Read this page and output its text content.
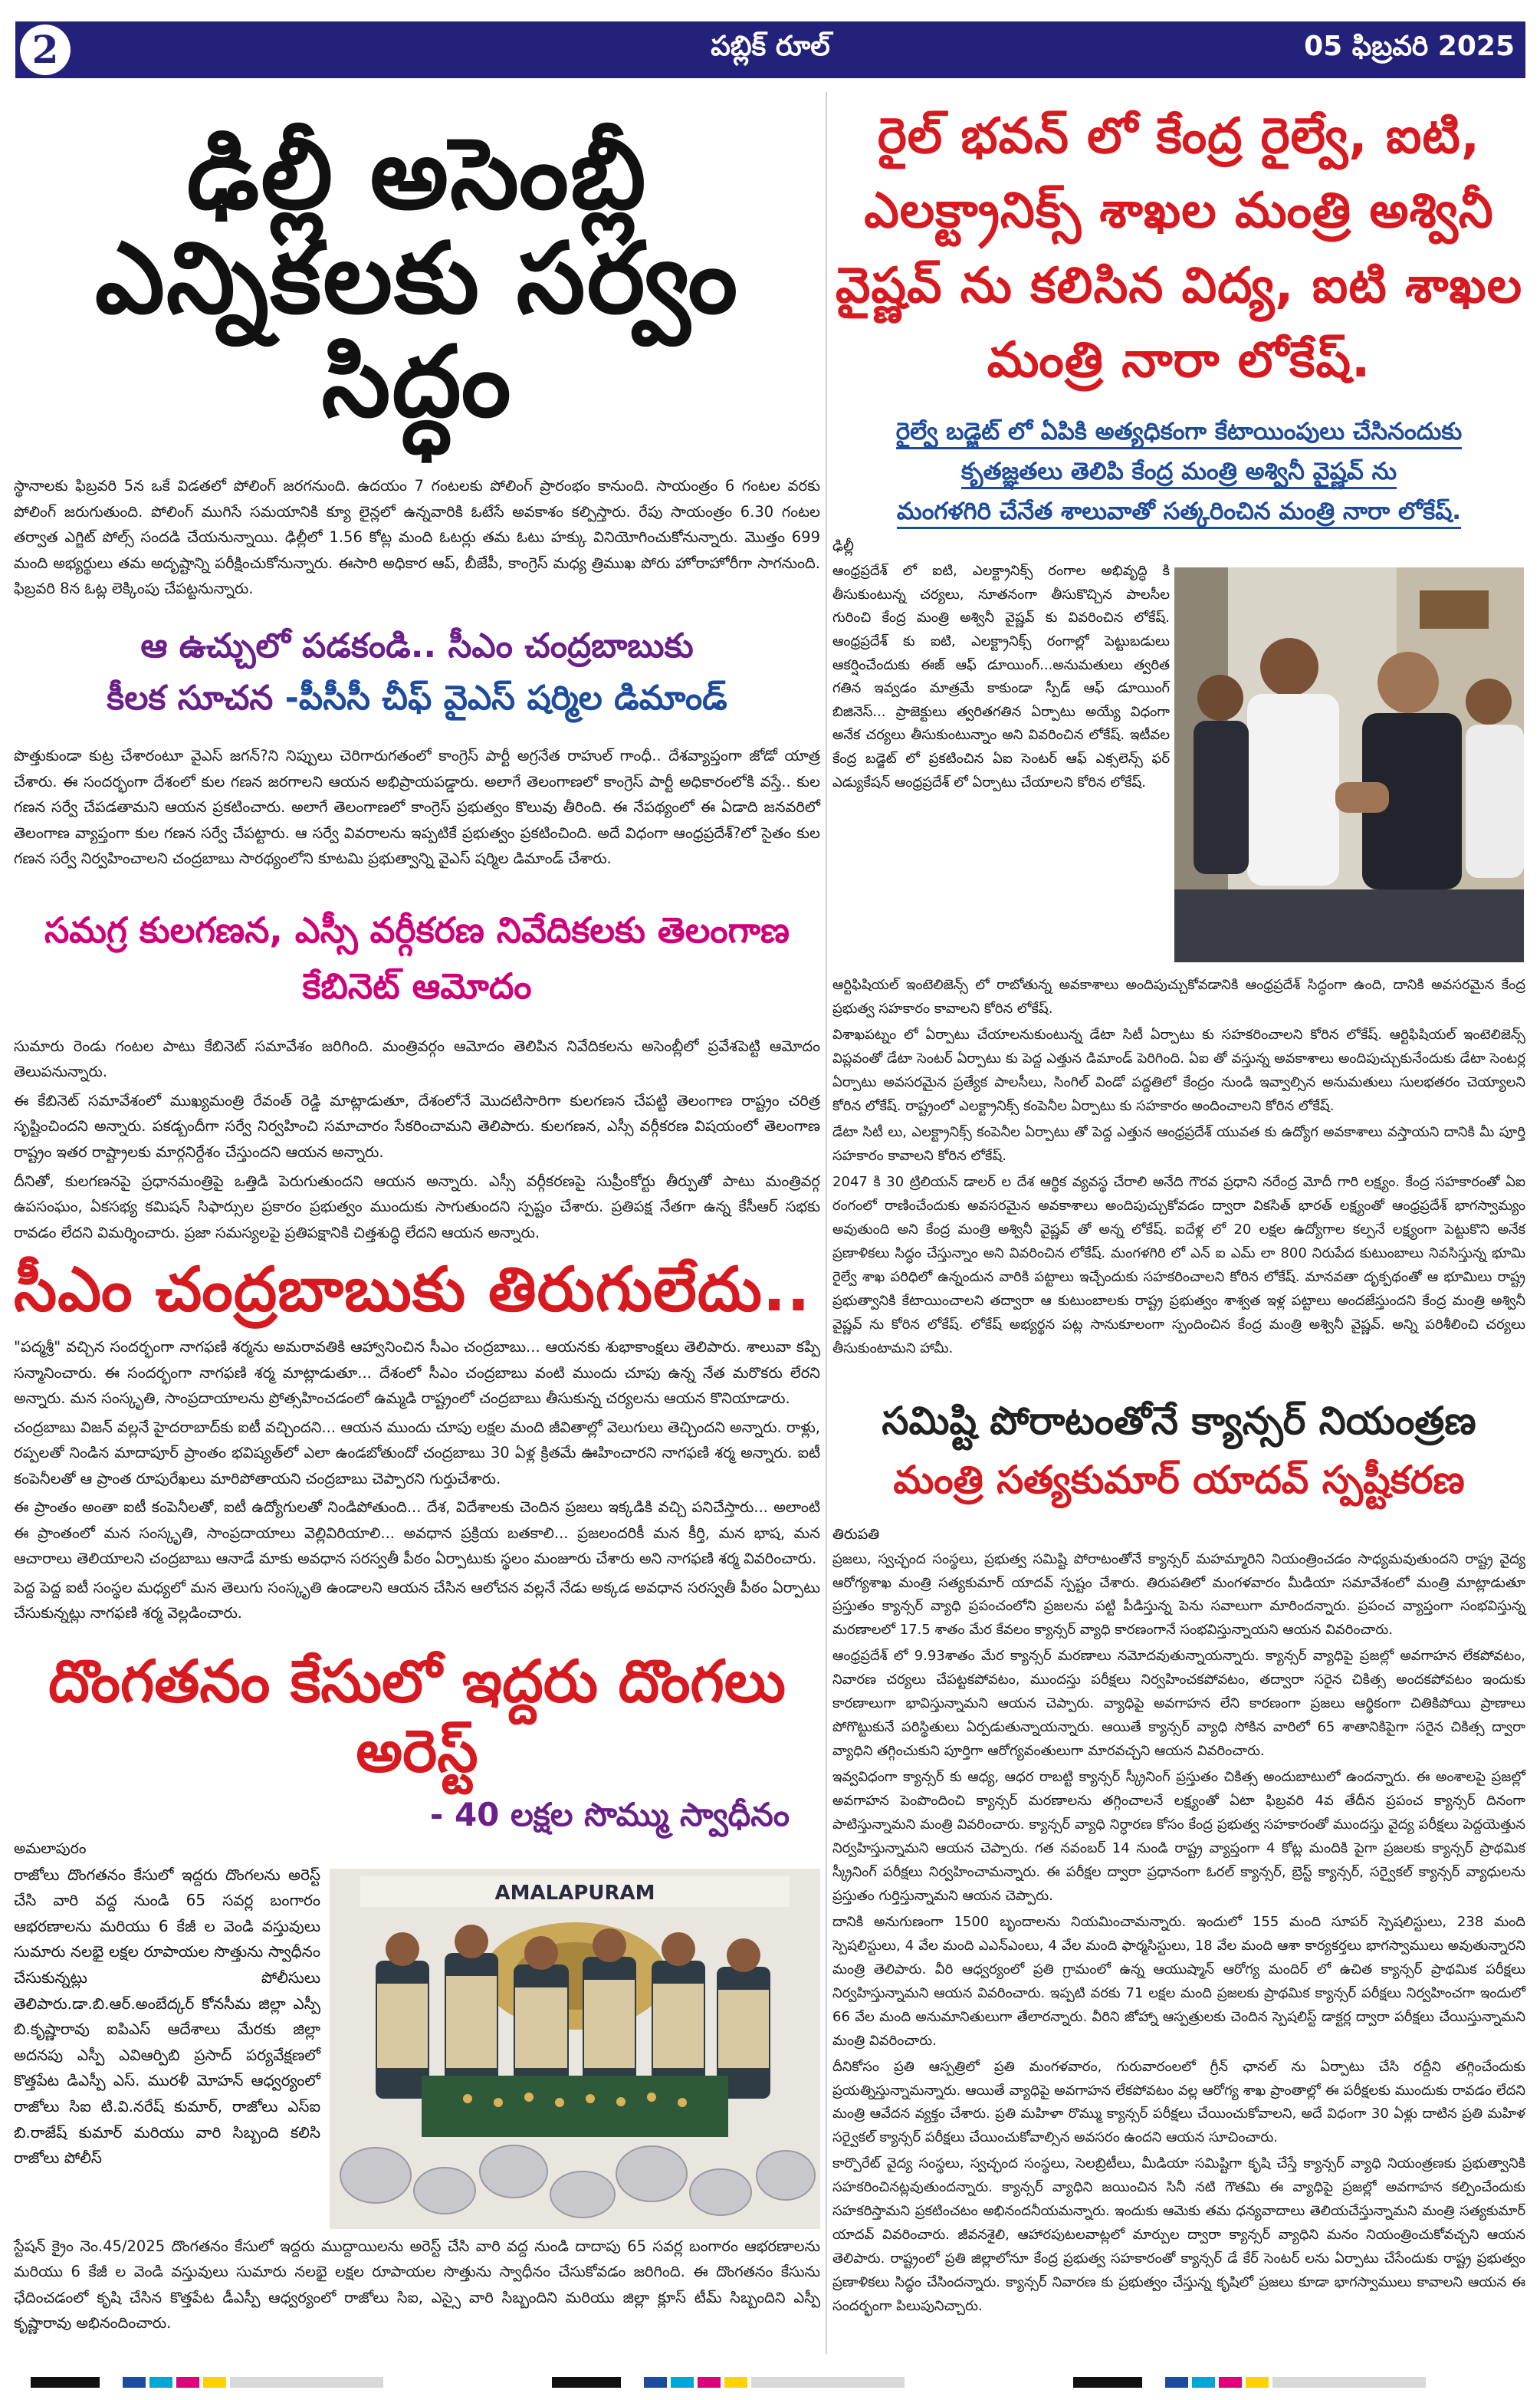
2	పబ్లిక్ రూల్	05 ఫిబ్రవరి 2025
ఢిల్లీ అసెంబ్లీ
ఎన్నికలకు సర్వం సిద్ధం

స్థానాలకు ఫిబ్రవరి 5న ఒకే విడతలో పోలింగ్ జరగనుంది. ఉదయం 7 గంటలకు పోలింగ్ ప్రారంభం కానుంది. సాయంత్రం 6 గంటల వరకు పోలింగ్ జరుగుతుంది. పోలింగ్ ముగిసే సమయానికి క్యూ లైన్లలో ఉన్నవారికి ఓటేసే అవకాశం కల్పిస్తారు. రేపు సాయంత్రం 6.30 గంటల తర్వాత ఎగ్జిట్ పోల్స్ సందడి చేయనున్నాయి. ఢిల్లీలో 1.56 కోట్ల మంది ఓటర్లు తమ ఓటు హక్కు వినియోగించుకోనున్నారు. మొత్తం 699 మంది అభ్యర్థులు తమ అదృష్టాన్ని పరీక్షించుకోనున్నారు. ఈసారి అధికార ఆప్, బీజేపీ, కాంగ్రెస్ మధ్య త్రిముఖ పోరు హోరాహోరీగా సాగనుంది. ఫిబ్రవరి 8న ఓట్ల లెక్కింపు చేపట్టనున్నారు.

ఆ ఉచ్చులో పడకండి.. సీఎం చంద్రబాబుకు
కీలక సూచన -పీసీసీ చీఫ్ వైఎస్ షర్మిల డిమాండ్

పొత్తుకుండా కుట్ర చేశారంటూ వైఎస్ జగన్?ని నిప్పులు చెరిగారుగతంలో కాంగ్రెస్ పార్టీ అగ్రనేత రాహుల్ గాంధీ.. దేశవ్యాప్తంగా జోడో యాత్ర చేశారు. ఈ సందర్భంగా దేశంలో కుల గణన జరగాలని ఆయన అభిప్రాయపడ్డారు. అలాగే తెలంగాణలో కాంగ్రెస్ పార్టీ అధికారంలోకి వస్తే.. కుల గణన సర్వే చేపడతామని ఆయన ప్రకటించారు. అలాగే తెలంగాణలో కాంగ్రెస్ ప్రభుత్వం కొలువు తీరింది. ఈ నేపథ్యంలో ఈ ఏడాది జనవరిలో తెలంగాణ వ్యాప్తంగా కుల గణన సర్వే చేపట్టారు. ఆ సర్వే వివరాలను ఇప్పటికే ప్రభుత్వం ప్రకటించింది. అదే విధంగా ఆంధ్రప్రదేశ్?లో సైతం కుల గణన సర్వే నిర్వహించాలని చంద్రబాబు సారథ్యంలోని కూటమి ప్రభుత్వాన్ని వైఎస్ షర్మిల డిమాండ్ చేశారు.

సమగ్ర కులగణన, ఎస్సీ వర్గీకరణ నివేదికలకు తెలంగాణ
కేబినెట్ ఆమోదం

సుమారు రెండు గంటల పాటు కేబినెట్ సమావేశం జరిగింది. మంత్రివర్గం ఆమోదం తెలిపిన నివేదికలను అసెంబ్లీలో ప్రవేశపెట్టి ఆమోదం తెలుపనున్నారు.

ఈ కేబినెట్ సమావేశంలో ముఖ్యమంత్రి రేవంత్ రెడ్డి మాట్లాడుతూ, దేశంలోనే మొదటిసారిగా కులగణన చేపట్టి తెలంగాణ రాష్ట్రం చరిత్ర సృష్టించిందని అన్నారు. పకడ్బందీగా సర్వే నిర్వహించి సమాచారం సేకరించామని తెలిపారు. కులగణన, ఎస్సీ వర్గీకరణ విషయంలో తెలంగాణ రాష్ట్రం ఇతర రాష్ట్రాలకు మార్గనిర్దేశం చేస్తుందని ఆయన అన్నారు.

దీనితో, కులగణనపై ప్రధానమంత్రిపై ఒత్తిడి పెరుగుతుందని ఆయన అన్నారు. ఎస్సీ వర్గీకరణపై సుప్రీంకోర్టు తీర్పుతో పాటు మంత్రివర్గ ఉపసంఘం, ఏకసభ్య కమిషన్ సిఫార్సుల ప్రకారం ప్రభుత్వం ముందుకు సాగుతుందని స్పష్టం చేశారు. ప్రతిపక్ష నేతగా ఉన్న కేసీఆర్ సభకు రావడం లేదని విమర్శించారు. ప్రజా సమస్యలపై ప్రతిపక్షానికి చిత్తశుద్ధి లేదని ఆయన అన్నారు.

సీఎం చంద్రబాబుకు తిరుగులేదు..

"పద్మశ్రీ" వచ్చిన సందర్భంగా నాగఫణి శర్మను అమరావతికి ఆహ్వానించిన సీఎం చంద్రబాబు... ఆయనకు శుభాకాంక్షలు తెలిపారు. శాలువా కప్పి సన్మానించారు. ఈ సందర్భంగా నాగఫణి శర్మ మాట్లాడుతూ... దేశంలో సీఎం చంద్రబాబు వంటి ముందు చూపు ఉన్న నేత మరొకరు లేరని అన్నారు. మన సంస్కృతి, సాంప్రదాయాలను ప్రోత్సహించడంలో ఉమ్మడి రాష్ట్రంలో చంద్రబాబు తీసుకున్న చర్యలను ఆయన కొనియాడారు.

చంద్రబాబు విజన్ వల్లనే హైదరాబాద్‌కు ఐటీ వచ్చిందని... ఆయన ముందు చూపు లక్షల మంది జీవితాల్లో వెలుగులు తెచ్చిందని అన్నారు. రాళ్లు, రప్పలతో నిండిన మాదాపూర్ ప్రాంతం భవిష్యత్‌లో ఎలా ఉండబోతుందో చంద్రబాబు 30 ఏళ్ల క్రితమే ఊహించారని నాగఫణి శర్మ అన్నారు. ఐటీ కంపెనీలతో ఆ ప్రాంత రూపురేఖలు మారిపోతాయని చంద్రబాబు చెప్పారని గుర్తుచేశారు.

ఈ ప్రాంతం అంతా ఐటీ కంపెనీలతో, ఐటీ ఉద్యోగులతో నిండిపోతుంది... దేశ, విదేశాలకు చెందిన ప్రజలు ఇక్కడికి వచ్చి పనిచేస్తారు... అలాంటి ఈ ప్రాంతంలో మన సంస్కృతి, సాంప్రదాయాలు వెల్లివిరియాలి... అవధాన ప్రక్రియ బతకాలి... ప్రజలందరికీ మన కీర్తి, మన భాష, మన ఆచారాలు తెలియాలని చంద్రబాబు ఆనాడే మాకు అవధాన సరస్వతీ పీఠం ఏర్పాటుకు స్థలం మంజూరు చేశారు అని నాగఫణి శర్మ వివరించారు.

పెద్ద పెద్ద ఐటీ సంస్థల మధ్యలో మన తెలుగు సంస్కృతి ఉండాలని ఆయన చేసిన ఆలోచన వల్లనే నేడు అక్కడ అవధాన సరస్వతీ పీఠం ఏర్పాటు చేసుకున్నట్లు నాగఫణి శర్మ వెల్లడించారు.

దొంగతనం కేసులో ఇద్దరు దొంగలు అరెస్ట్
- 40 లక్షల సొమ్ము స్వాధీనం
అమలాపురం
రాజోలు దొంగతనం కేసులో ఇద్దరు దొంగలను అరెస్ట్ చేసి వారి వద్ద నుండి 65 సవర్ల బంగారం ఆభరణాలను మరియు 6 కేజీ ల వెండి వస్తువులు సుమారు నలభై లక్షల రూపాయల సొత్తును స్వాధీనం చేసుకున్నట్లు పోలీసులు తెలిపారు.డా.బి.ఆర్.అంబేద్కర్ కోనసీమ జిల్లా ఎస్పీ బి.కృష్ణారావు ఐపిఎస్ ఆదేశాలు మేరకు జిల్లా అదనపు ఎస్పీ ఎవిఆర్పిబి ప్రసాద్ పర్యవేక్షణలో కొత్తపేట డిఎస్పీ ఎస్. మురళీ మోహన్ ఆధ్వర్యంలో రాజోలు సిఐ టి.వి.నరేష్ కుమార్, రాజోలు ఎస్ఐ బి.రాజేష్ కుమార్ మరియు వారి సిబ్బంది కలిసి రాజోలు పోలీస్
AMALAPURAM

స్టేషన్ క్రైం నెం.45/2025 దొంగతనం కేసులో ఇద్దరు ముద్దాయిలను అరెస్ట్ చేసి వారి వద్ద నుండి దాదాపు 65 సవర్ల బంగారం ఆభరణాలను మరియు 6 కేజీ ల వెండి వస్తువులు సుమారు నలభై లక్షల రూపాయల సొత్తును స్వాధీనం చేసుకోవడం జరిగింది. ఈ దొంగతనం కేసును ఛేదించడంలో కృషి చేసిన కొత్తపేట డీఎస్పీ ఆధ్వర్యంలో రాజోలు సిఐ, ఎస్సై వారి సిబ్బందిని మరియు జిల్లా క్లూస్ టీమ్ సిబ్బందిని ఎస్పీ కృష్ణారావు అభినందించారు.

రైల్ భవన్ లో కేంద్ర రైల్వే, ఐటి,
ఎలక్ట్రానిక్స్ శాఖల మంత్రి అశ్వినీ
వైష్ణవ్ ను కలిసిన విద్య, ఐటి శాఖల
మంత్రి నారా లోకేష్.
రైల్వే బడ్జెట్ లో ఏపికి అత్యధికంగా కేటాయింపులు చేసినందుకు
కృతజ్ఞతలు తెలిపి కేంద్ర మంత్రి అశ్వినీ వైష్ణవ్ ను
మంగళగిరి చేనేత శాలువాతో సత్కరించిన మంత్రి నారా లోకేష్.
ఢిల్లీ
ఆంధ్రప్రదేశ్ లో ఐటి, ఎలక్ట్రానిక్స్ రంగాల అభివృద్ధి కి తీసుకుంటున్న చర్యలు, నూతనంగా తీసుకొచ్చిన పాలసీల గురించి కేంద్ర మంత్రి అశ్వినీ వైష్ణవ్ కు వివరించిన లోకేష్. ఆంధ్రప్రదేశ్ కు ఐటి, ఎలక్ట్రానిక్స్ రంగాల్లో పెట్టుబడులు ఆకర్షించేందుకు ఈజ్ ఆఫ్ డూయింగ్...అనుమతులు త్వరిత గతిన ఇవ్వడం మాత్రమే కాకుండా స్పీడ్ ఆఫ్ డూయింగ్ బిజినెస్... ప్రాజెక్టులు త్వరితగతిన ఏర్పాటు అయ్యే విధంగా అనేక చర్యలు తీసుకుంటున్నాం అని వివరించిన లోకేష్. ఇటీవల కేంద్ర బడ్జెట్ లో ప్రకటించిన ఏఐ సెంటర్ ఆఫ్ ఎక్సలెన్స్ ఫర్ ఎడ్యుకేషన్ ఆంధ్రప్రదేశ్ లో ఏర్పాటు చేయాలని కోరిన లోకేష్.

ఆర్టిఫిషియల్ ఇంటెలిజెన్స్ లో రాబోతున్న అవకాశాలు అందిపుచ్చుకోవడానికి ఆంధ్రప్రదేశ్ సిద్ధంగా ఉంది, దానికి అవసరమైన కేంద్ర ప్రభుత్వ సహకారం కావాలని కోరిన లోకేష్.

విశాఖపట్నం లో ఏర్పాటు చేయాలనుకుంటున్న డేటా సిటీ ఏర్పాటు కు సహకరించాలని కోరిన లోకేష్. ఆర్టిఫిషియల్ ఇంటెలిజెన్స్ విప్లవంతో డేటా సెంటర్ ఏర్పాటు కు పెద్ద ఎత్తున డిమాండ్ పెరిగింది. ఏఐ తో వస్తున్న అవకాశాలు అందిపుచ్చుకునేందుకు డేటా సెంటర్ల ఏర్పాటు అవసరమైన ప్రత్యేక పాలసీలు, సింగిల్ విండో పద్దతిలో కేంద్రం నుండి ఇవ్వాల్సిన అనుమతులు సులభతరం చెయ్యాలని కోరిన లోకేష్. రాష్ట్రంలో ఎలక్ట్రానిక్స్ కంపెనీల ఏర్పాటు కు సహకారం అందించాలని కోరిన లోకేష్.

డేటా సిటీ లు, ఎలక్ట్రానిక్స్ కంపెనీల ఏర్పాటు తో పెద్ద ఎత్తున ఆంధ్రప్రదేశ్ యువత కు ఉద్యోగ అవకాశాలు వస్తాయని దానికి మీ పూర్తి సహకారం కావాలని కోరిన లోకేష్.

2047 కి 30 ట్రిలియన్ డాలర్ ల దేశ ఆర్థిక వ్యవస్థ చేరాలి అనేది గౌరవ ప్రధాని నరేంద్ర మోదీ గారి లక్ష్యం. కేంద్ర సహకారంతో ఏఐ రంగంలో రాణించేందుకు అవసరమైన అవకాశాలు అందిపుచ్చుకోవడం ద్వారా వికసిత్ భారత్ లక్ష్యంతో ఆంధ్రప్రదేశ్ భాగస్వామ్యం అవుతుంది అని కేంద్ర మంత్రి అశ్వినీ వైష్ణవ్ తో అన్న లోకేష్. ఐదేళ్ల లో 20 లక్షల ఉద్యోగాల కల్పనే లక్ష్యంగా పెట్టుకొని అనేక ప్రణాళికలు సిద్ధం చేస్తున్నాం అని వివరించిన లోకేష్. మంగళగిరి లో ఎన్ ఐ ఎమ్ లా 800 నిరుపేద కుటుంబాలు నివసిస్తున్న భూమి రైల్వే శాఖ పరిధిలో ఉన్నందున వారికి పట్టాలు ఇచ్చేందుకు సహకరించాలని కోరిన లోకేష్. మానవతా దృక్పథంతో ఆ భూమిలు రాష్ట్ర ప్రభుత్వానికి కేటాయించాలని తద్వారా ఆ కుటుంబాలకు రాష్ట్ర ప్రభుత్వం శాశ్వత ఇళ్ల పట్టాలు అందజేస్తుందని కేంద్ర మంత్రి అశ్వినీ వైష్ణవ్ ను కోరిన లోకేష్. లోకేష్ అభ్యర్థన పట్ల సానుకూలంగా స్పందించిన కేంద్ర మంత్రి అశ్వినీ వైష్ణవ్. అన్ని పరిశీలించి చర్యలు తీసుకుంటామని హామీ.

సమిష్టి పోరాటంతోనే క్యాన్సర్ నియంత్రణ
మంత్రి సత్యకుమార్ యాదవ్ స్పష్టీకరణ
తిరుపతి

ప్రజలు, స్వచ్ఛంద సంస్థలు, ప్రభుత్వ సమిష్టి పోరాటంతోనే క్యాన్సర్ మహమ్మారిని నియంత్రించడం సాధ్యమవుతుందని రాష్ట్ర వైద్య ఆరోగ్యశాఖ మంత్రి సత్యకుమార్ యాదవ్ స్పష్టం చేశారు. తిరుపతిలో మంగళవారం మీడియా సమావేశంలో మంత్రి మాట్లాడుతూ ప్రస్తుతం క్యాన్సర్ వ్యాధి ప్రపంచంలోని ప్రజలను పట్టి పీడిస్తున్న పెను సవాలుగా మారిందన్నారు. ప్రపంచ వ్యాప్తంగా సంభవిస్తున్న మరణాలలో 17.5 శాతం మేర కేవలం క్యాన్సర్ వ్యాధి కారణంగానే సంభవిస్తున్నాయని ఆయన వివరించారు.

ఆంధ్రప్రదేశ్ లో 9.93శాతం మేర క్యాన్సర్ మరణాలు నమోదవుతున్నాయన్నారు. క్యాన్సర్ వ్యాధిపై ప్రజల్లో అవగాహన లేకపోవటం, నివారణ చర్యలు చేపట్టకపోవటం, ముందస్తు పరీక్షలు నిర్వహించకపోవటం, తద్వారా సరైన చికిత్స అందకపోవటం ఇందుకు కారణాలుగా భావిస్తున్నామని ఆయన చెప్పారు. వ్యాధిపై అవగాహన లేని కారణంగా ప్రజలు ఆర్థికంగా చితికిపోయి ప్రాణాలు పోగొట్టుకునే పరిస్థితులు ఏర్పడుతున్నాయన్నారు. ఆయితే క్యాన్సర్ వ్యాధి సోకిన వారిలో 65 శాతానికిపైగా సరైన చికిత్స ద్వారా వ్యాధిని తగ్గించుకుని పూర్తిగా ఆరోగ్యవంతులుగా మారవచ్చని ఆయన వివరించారు.

ఇవ్వవిధంగా క్యాన్సర్ కు ఆధ్య, ఆధర రాబట్టి క్యాన్సర్ స్క్రీనింగ్ ప్రస్తుతం చికిత్స అందుబాటులో ఉందన్నారు. ఈ అంశాలపై ప్రజల్లో అవగాహన పెంపొందించి క్యాన్సర్ మరణాలను తగ్గించాలనే లక్ష్యంతో ఏటా ఫిబ్రవరి 4వ తేదీన ప్రపంచ క్యాన్సర్ దినంగా పాటిస్తున్నామని మంత్రి వివరించారు. క్యాన్సర్ వ్యాధి నిర్ధారణ కోసం కేంద్ర ప్రభుత్వ సహకారంతో ముందస్తు వైద్య పరీక్షలు పెద్దయెత్తున నిర్వహిస్తున్నామని ఆయన చెప్పారు. గత నవంబర్ 14 నుండి రాష్ట్ర వ్యాప్తంగా 4 కోట్ల మందికి పైగా ప్రజలకు క్యాన్సర్ ప్రాథమిక స్క్రీనింగ్ పరీక్షలు నిర్వహించామన్నారు. ఈ పరీక్షల ద్వారా ప్రధానంగా ఓరల్ క్యాన్సర్, బ్రెస్ట్ క్యాన్సర్, సర్వైకల్ క్యాన్సర్ వ్యాధులను ప్రస్తుతం గుర్తిస్తున్నామని ఆయన చెప్పారు.

దానికి అనుగుణంగా 1500 బృందాలను నియమించామన్నారు. ఇందులో 155 మంది సూపర్ స్పెషలిస్టులు, 238 మంది స్పెషలిస్టులు, 4 వేల మంది ఎఎన్ఎంలు, 4 వేల మంది ఫార్మసిస్టులు, 18 వేల మంది ఆశా కార్యకర్తలు భాగస్వాములు అవుతున్నారని మంత్రి తెలిపారు. వీరి ఆధ్వర్యంలో ప్రతి గ్రామంలో ఉన్న ఆయుష్మాన్ ఆరోగ్య మందిర్ లో ఉచిత క్యాన్సర్ ప్రాథమిక పరీక్షలు నిర్వహిస్తున్నామని ఆయన వివరించారు. ఇప్పటి వరకు 71 లక్షల మంది ప్రజలకు ప్రాథమిక క్యాన్సర్ పరీక్షలు నిర్వహించగా ఇందులో 66 వేల మంది అనుమానితులుగా తేలారన్నారు. వీరిని జోహ్నా ఆస్పత్రులకు చెందిన స్పెషలిస్ట్ డాక్టర్ల ద్వారా పరీక్షలు చేయిస్తున్నామని మంత్రి వివరించారు.

దీనికోసం ప్రతి ఆస్పత్రిలో ప్రతి మంగళవారం, గురువారంలలో గ్రీన్ ఛానల్ ను ఏర్పాటు చేసి రద్దీని తగ్గించేందుకు ప్రయత్నిస్తున్నామన్నారు. ఆయితే వ్యాధిపై అవగాహన లేకపోవటం వల్ల ఆరోగ్య శాఖ ప్రాంతాల్లో ఈ పరీక్షలకు ముందుకు రావడం లేదని మంత్రి ఆవేదన వ్యక్తం చేశారు. ప్రతి మహిళా రొమ్ము క్యాన్సర్ పరీక్షలు చేయించుకోవాలని, అదే విధంగా 30 ఏళ్లు దాటిన ప్రతి మహిళ సర్వైకల్ క్యాన్సర్ పరీక్షలు చేయించుకోవాల్సిన అవసరం ఉందని ఆయన సూచించారు.

కార్పొరేట్ వైద్య సంస్థలు, స్వచ్ఛంద సంస్థలు, సెలబ్రిటీలు, మీడియా సమిష్టిగా కృషి చేస్తే క్యాన్సర్ వ్యాధి నియంత్రణకు ప్రభుత్వానికి సహకరించినట్లవుతుందన్నారు. క్యాన్సర్ వ్యాధిని జయించిన సినీ నటి గౌతమి ఈ వ్యాధిపై ప్రజల్లో అవగాహన కల్పించేందుకు సహకరిస్తామని ప్రకటించటం అభినందనీయమన్నారు. ఇందుకు ఆమెకు తమ ధన్యవాదాలు తెలియచేస్తున్నామని మంత్రి సత్యకుమార్ యాదవ్ వివరించారు. జీవనశైలి, ఆహారపుటలవాట్లలో మార్పుల ద్వారా క్యాన్సర్ వ్యాధిని మనం నియంత్రించుకోవచ్చని ఆయన తెలిపారు. రాష్ట్రంలో ప్రతి జిల్లాలోనూ కేంద్ర ప్రభుత్వ సహకారంతో క్యాన్సర్ డే కేర్ సెంటర్ లను ఏర్పాటు చేసేందుకు రాష్ట్ర ప్రభుత్వం ప్రణాళికలు సిద్ధం చేసిందన్నారు. క్యాన్సర్ నివారణ కు ప్రభుత్వం చేస్తున్న కృషిలో ప్రజలు కూడా భాగస్వాములు కావాలని ఆయన ఈ సందర్భంగా పిలుపునిచ్చారు.
